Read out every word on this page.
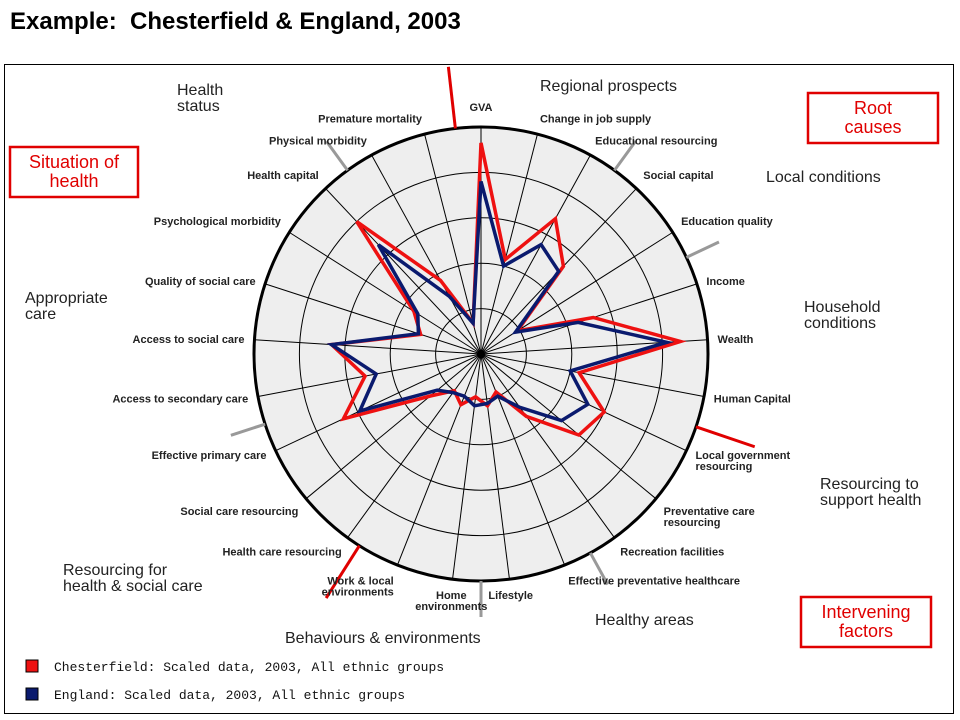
Example:  Chesterfield & England, 2003
GVA
Change in job supply
Educational resourcing
Social capital
Education quality
Income
Wealth
Human Capital
Local government resourcing
Preventative care resourcing
Recreation facilities
Effective preventative healthcare
Lifestyle
Home environments
Work & local environments
Health care resourcing
Social care resourcing
Effective primary care
Access to secondary care
Access to social care
Quality of social care
Psychological morbidity
Health capital
Physical morbidity
Premature mortality
Regional prospects
Local conditions
Household conditions
Resourcing to support health
Healthy areas
Behaviours & environments
Resourcing for health & social care
Appropriate care
Health status	Root causes
Situation of health
Intervening factors
Chesterfield: Scaled data, 2003, All ethnic groups
England: Scaled data, 2003, All ethnic groups
